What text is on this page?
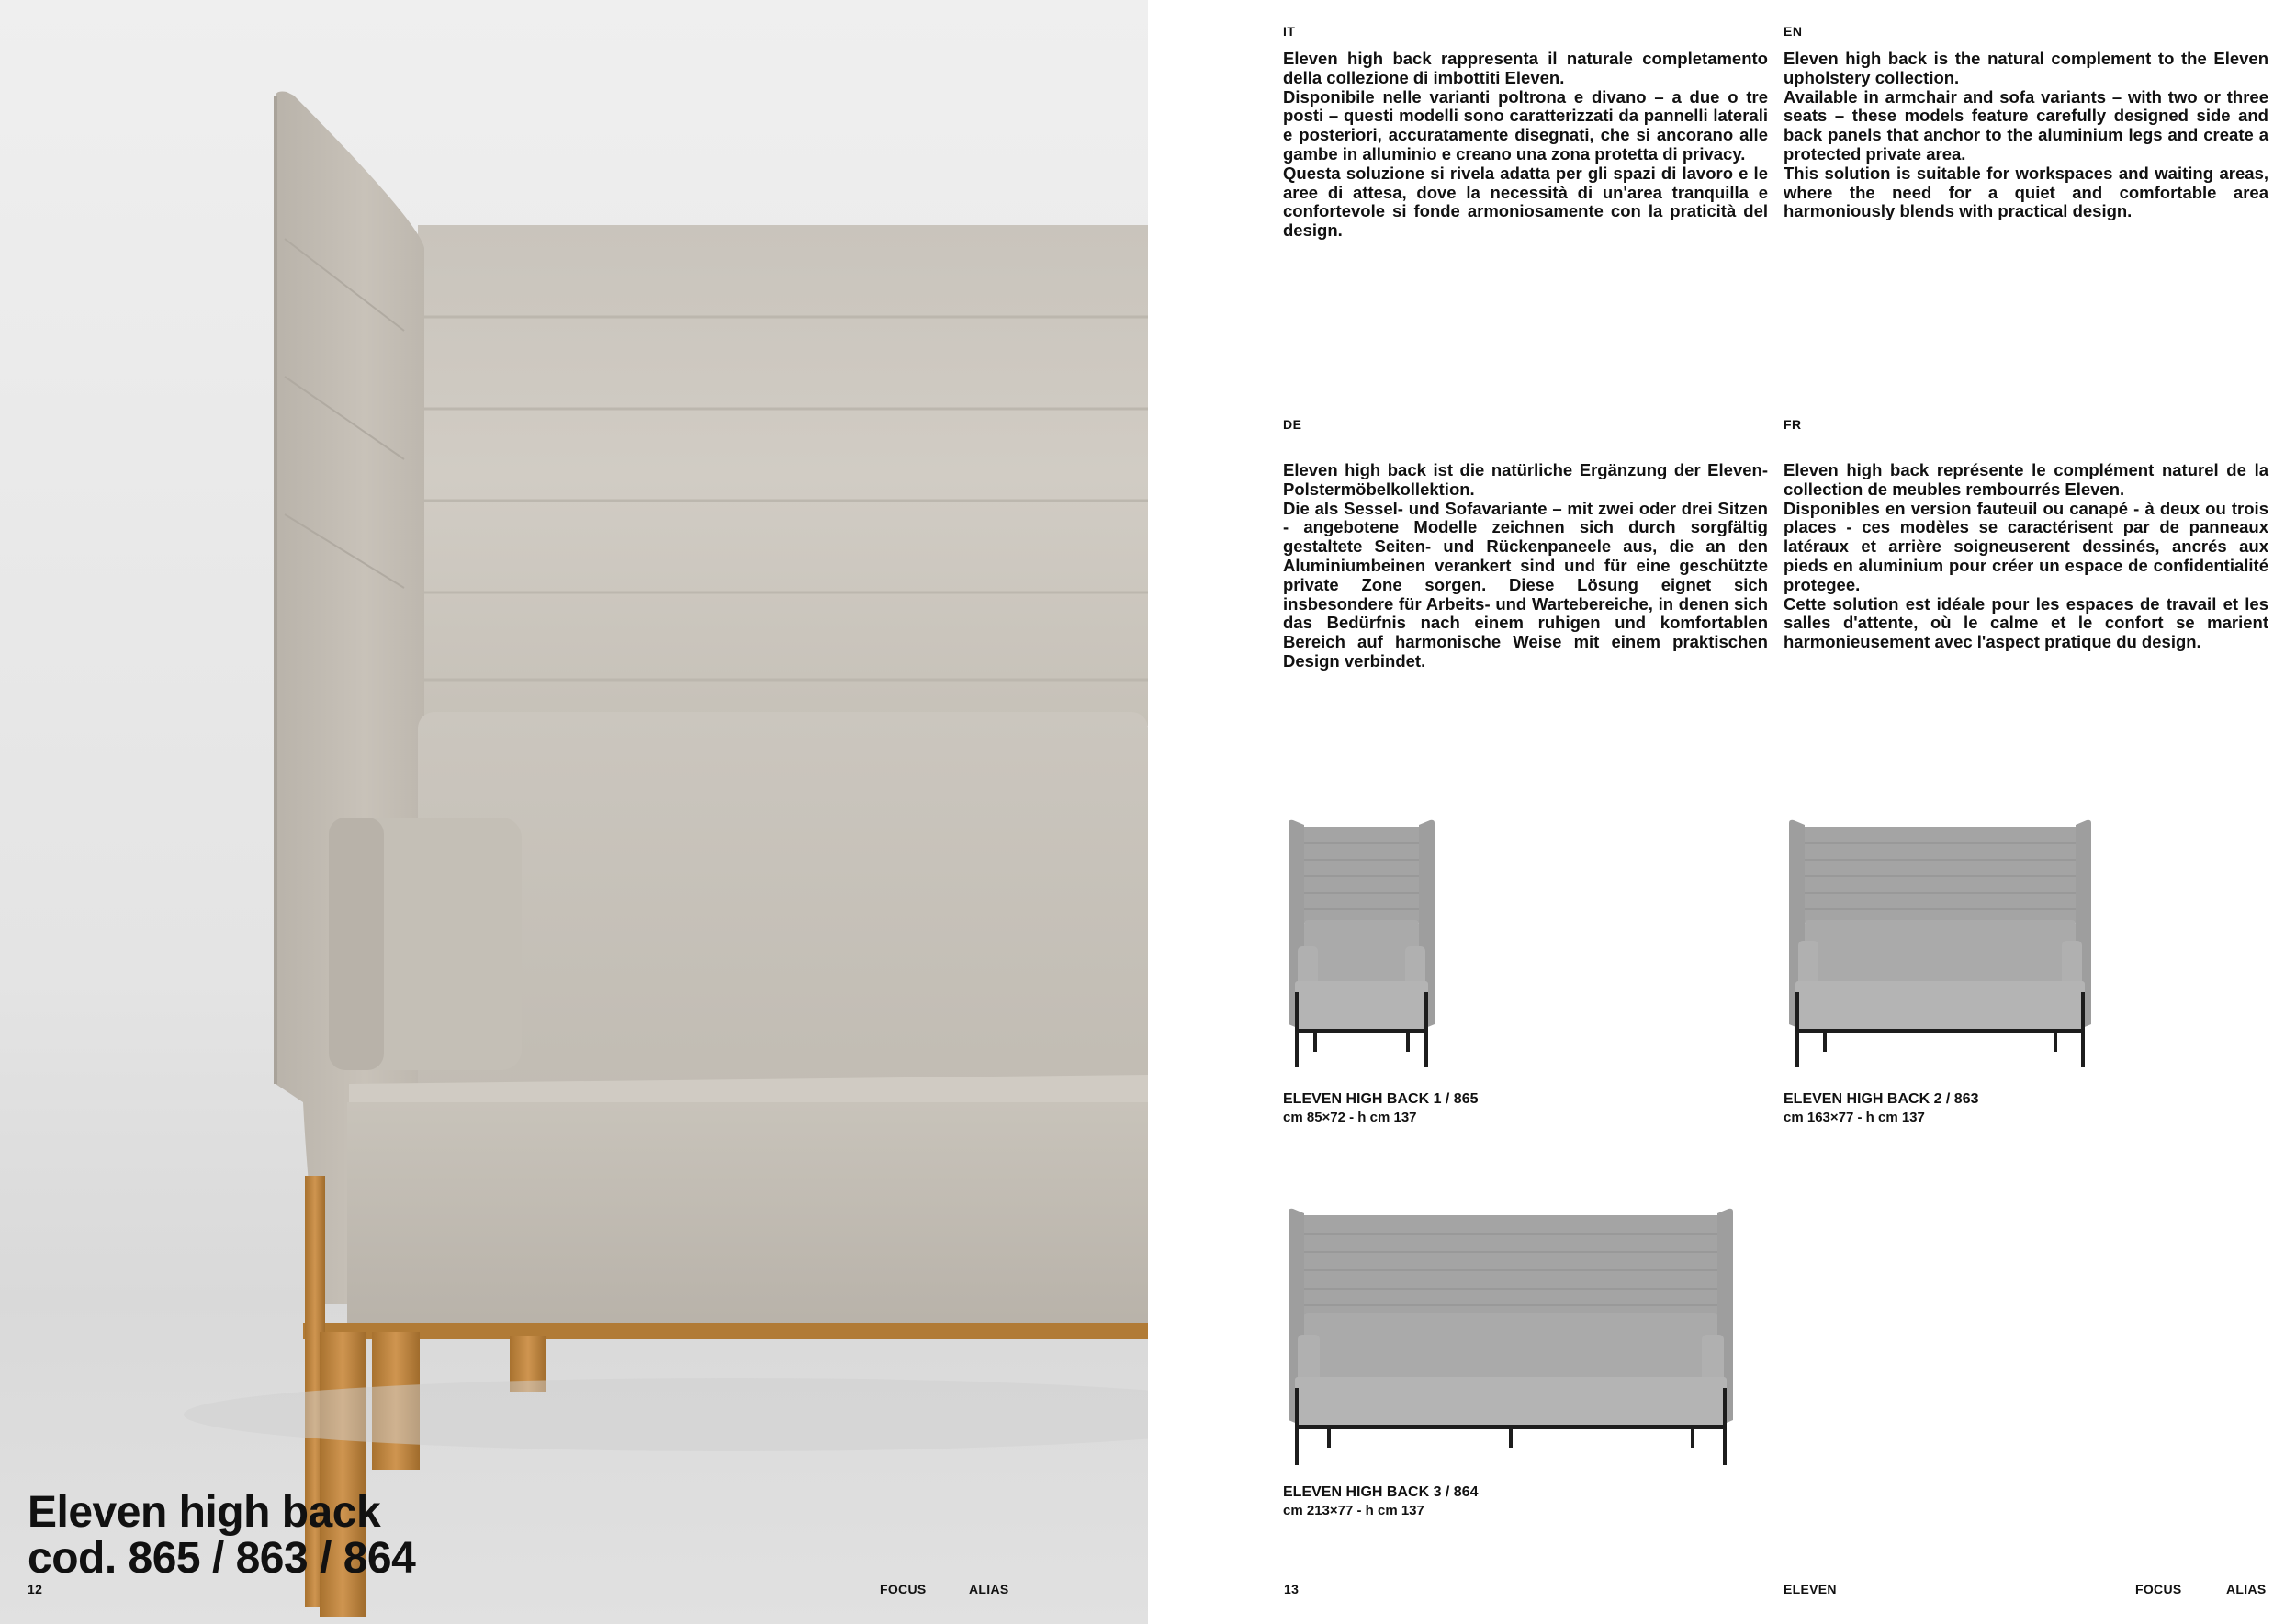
Eleven high back
cod. 865 / 863 / 864
12	FOCUS	ALIAS
IT

Eleven high back rappresenta il naturale completamento della collezione di imbottiti Eleven.
Disponibile nelle varianti poltrona e divano – a due o tre posti – questi modelli sono caratterizzati da pannelli laterali e posteriori, accuratamente disegnati, che si ancorano alle gambe in alluminio e creano una zona protetta di privacy.
Questa soluzione si rivela adatta per gli spazi di lavoro e le aree di attesa, dove la necessità di un'area tranquilla e confortevole si fonde armoniosamente con la praticità del design.

EN

Eleven high back is the natural complement to the Eleven upholstery collection.
Available in armchair and sofa variants – with two or three seats – these models feature carefully designed side and back panels that anchor to the aluminium legs and create a protected private area.
This solution is suitable for workspaces and waiting areas, where the need for a quiet and comfortable area harmoniously blends with practical design.

DE

Eleven high back ist die natürliche Ergänzung der Eleven-Polstermöbelkollektion.
Die als Sessel- und Sofavariante – mit zwei oder drei Sitzen - angebotene Modelle zeichnen sich durch sorgfältig gestaltete Seiten- und Rückenpaneele aus, die an den Aluminiumbeinen verankert sind und für eine geschützte private Zone sorgen. Diese Lösung eignet sich insbesondere für Arbeits- und Wartebereiche, in denen sich das Bedürfnis nach einem ruhigen und komfortablen Bereich auf harmonische Weise mit einem praktischen Design verbindet.

FR

Eleven high back représente le complément naturel de la collection de meubles rembourrés Eleven.
Disponibles en version fauteuil ou canapé - à deux ou trois places - ces modèles se caractérisent par de panneaux latéraux et arrière soigneuserent dessinés, ancrés aux pieds en aluminium pour créer un espace de confidentialité protegee.
Cette solution est idéale pour les espaces de travail et les salles d'attente, où le calme et le confort se marient harmonieusement avec l'aspect pratique du design.

ELEVEN HIGH BACK 1 / 865
cm 85×72 - h cm 137
ELEVEN HIGH BACK 2 / 863
cm 163×77 - h cm 137
ELEVEN HIGH BACK 3 / 864
cm 213×77 - h cm 137
13	ELEVEN	FOCUS	ALIAS
